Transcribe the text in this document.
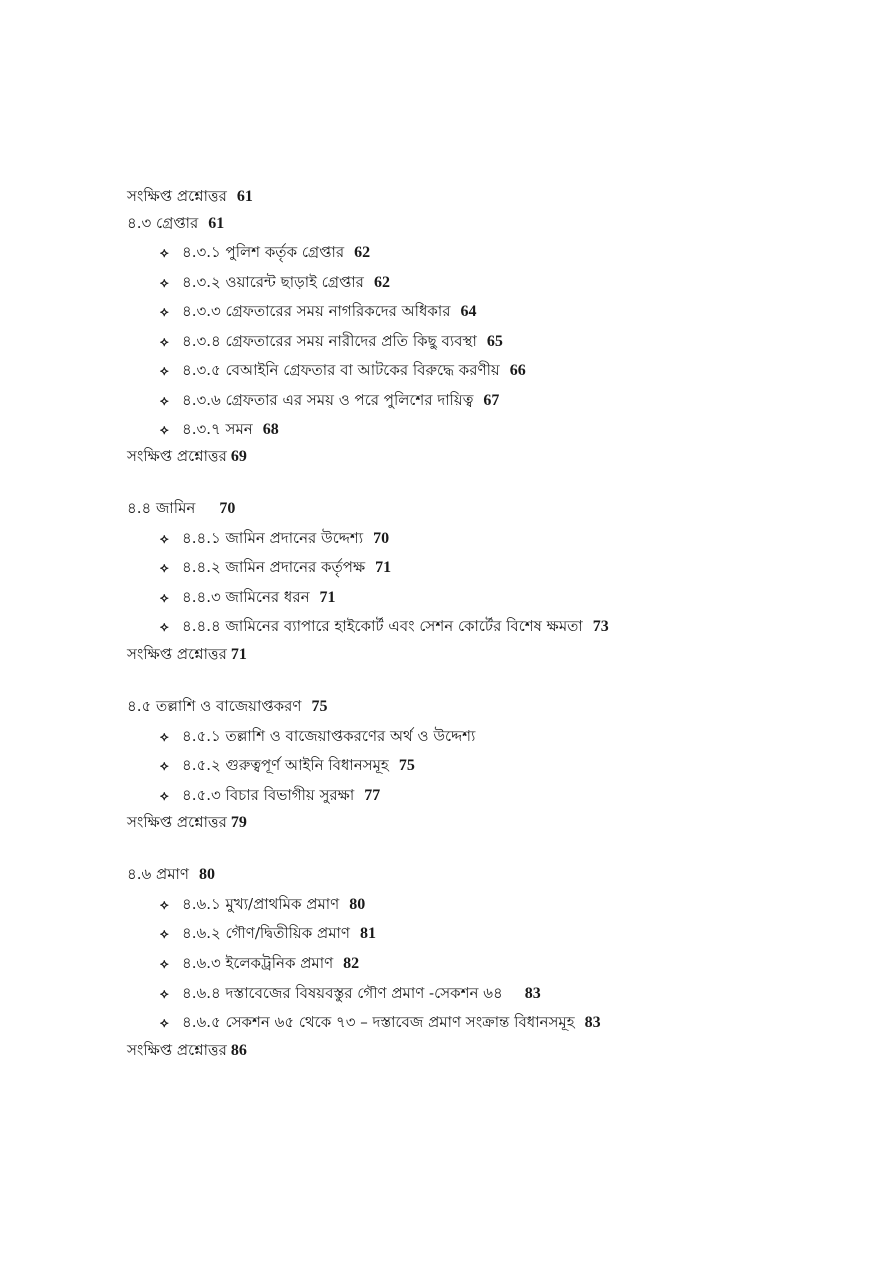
সংক্ষিপ্ত প্রশ্নোত্তর 61
৪.৩ গ্রেপ্তার 61
⟡ ৪.৩.১ পুলিশ কর্তৃক গ্রেপ্তার 62
⟡ ৪.৩.২ ওয়ারেন্ট ছাড়াই গ্রেপ্তার 62
⟡ ৪.৩.৩ গ্রেফতারের সময় নাগরিকদের অধিকার 64
⟡ ৪.৩.৪ গ্রেফতারের সময় নারীদের প্রতি কিছু ব্যবস্থা 65
⟡ ৪.৩.৫ বেআইনি গ্রেফতার বা আটকের বিরুদ্ধে করণীয় 66
⟡ ৪.৩.৬ গ্রেফতার এর সময় ও পরে পুলিশের দায়িত্ব 67
⟡ ৪.৩.৭ সমন 68
সংক্ষিপ্ত প্রশ্নোত্তর 69
৪.৪ জামিন 70
⟡ ৪.৪.১ জামিন প্রদানের উদ্দেশ্য 70
⟡ ৪.৪.২ জামিন প্রদানের কর্তৃপক্ষ 71
⟡ ৪.৪.৩ জামিনের ধরন 71
⟡ ৪.৪.৪ জামিনের ব্যাপারে হাইকোর্ট এবং সেশন কোর্টের বিশেষ ক্ষমতা 73
সংক্ষিপ্ত প্রশ্নোত্তর 71
৪.৫ তল্লাশি ও বাজেয়াপ্তকরণ 75
⟡ ৪.৫.১ তল্লাশি ও বাজেয়াপ্তকরণের অর্থ ও উদ্দেশ্য
⟡ ৪.৫.২ গুরুত্বপূর্ণ আইনি বিধানসমূহ 75
⟡ ৪.৫.৩ বিচার বিভাগীয় সুরক্ষা 77
সংক্ষিপ্ত প্রশ্নোত্তর 79
৪.৬ প্রমাণ 80
⟡ ৪.৬.১ মুখ্য/প্রাথমিক প্রমাণ 80
⟡ ৪.৬.২ গৌণ/দ্বিতীয়িক প্রমাণ 81
⟡ ৪.৬.৩ ইলেকট্রনিক প্রমাণ 82
⟡ ৪.৬.৪ দস্তাবেজের বিষয়বস্তুর গৌণ প্রমাণ -সেকশন ৬৪ 83
⟡ ৪.৬.৫ সেকশন ৬৫ থেকে ৭৩ – দস্তাবেজ প্রমাণ সংক্রান্ত বিধানসমূহ 83
সংক্ষিপ্ত প্রশ্নোত্তর 86
